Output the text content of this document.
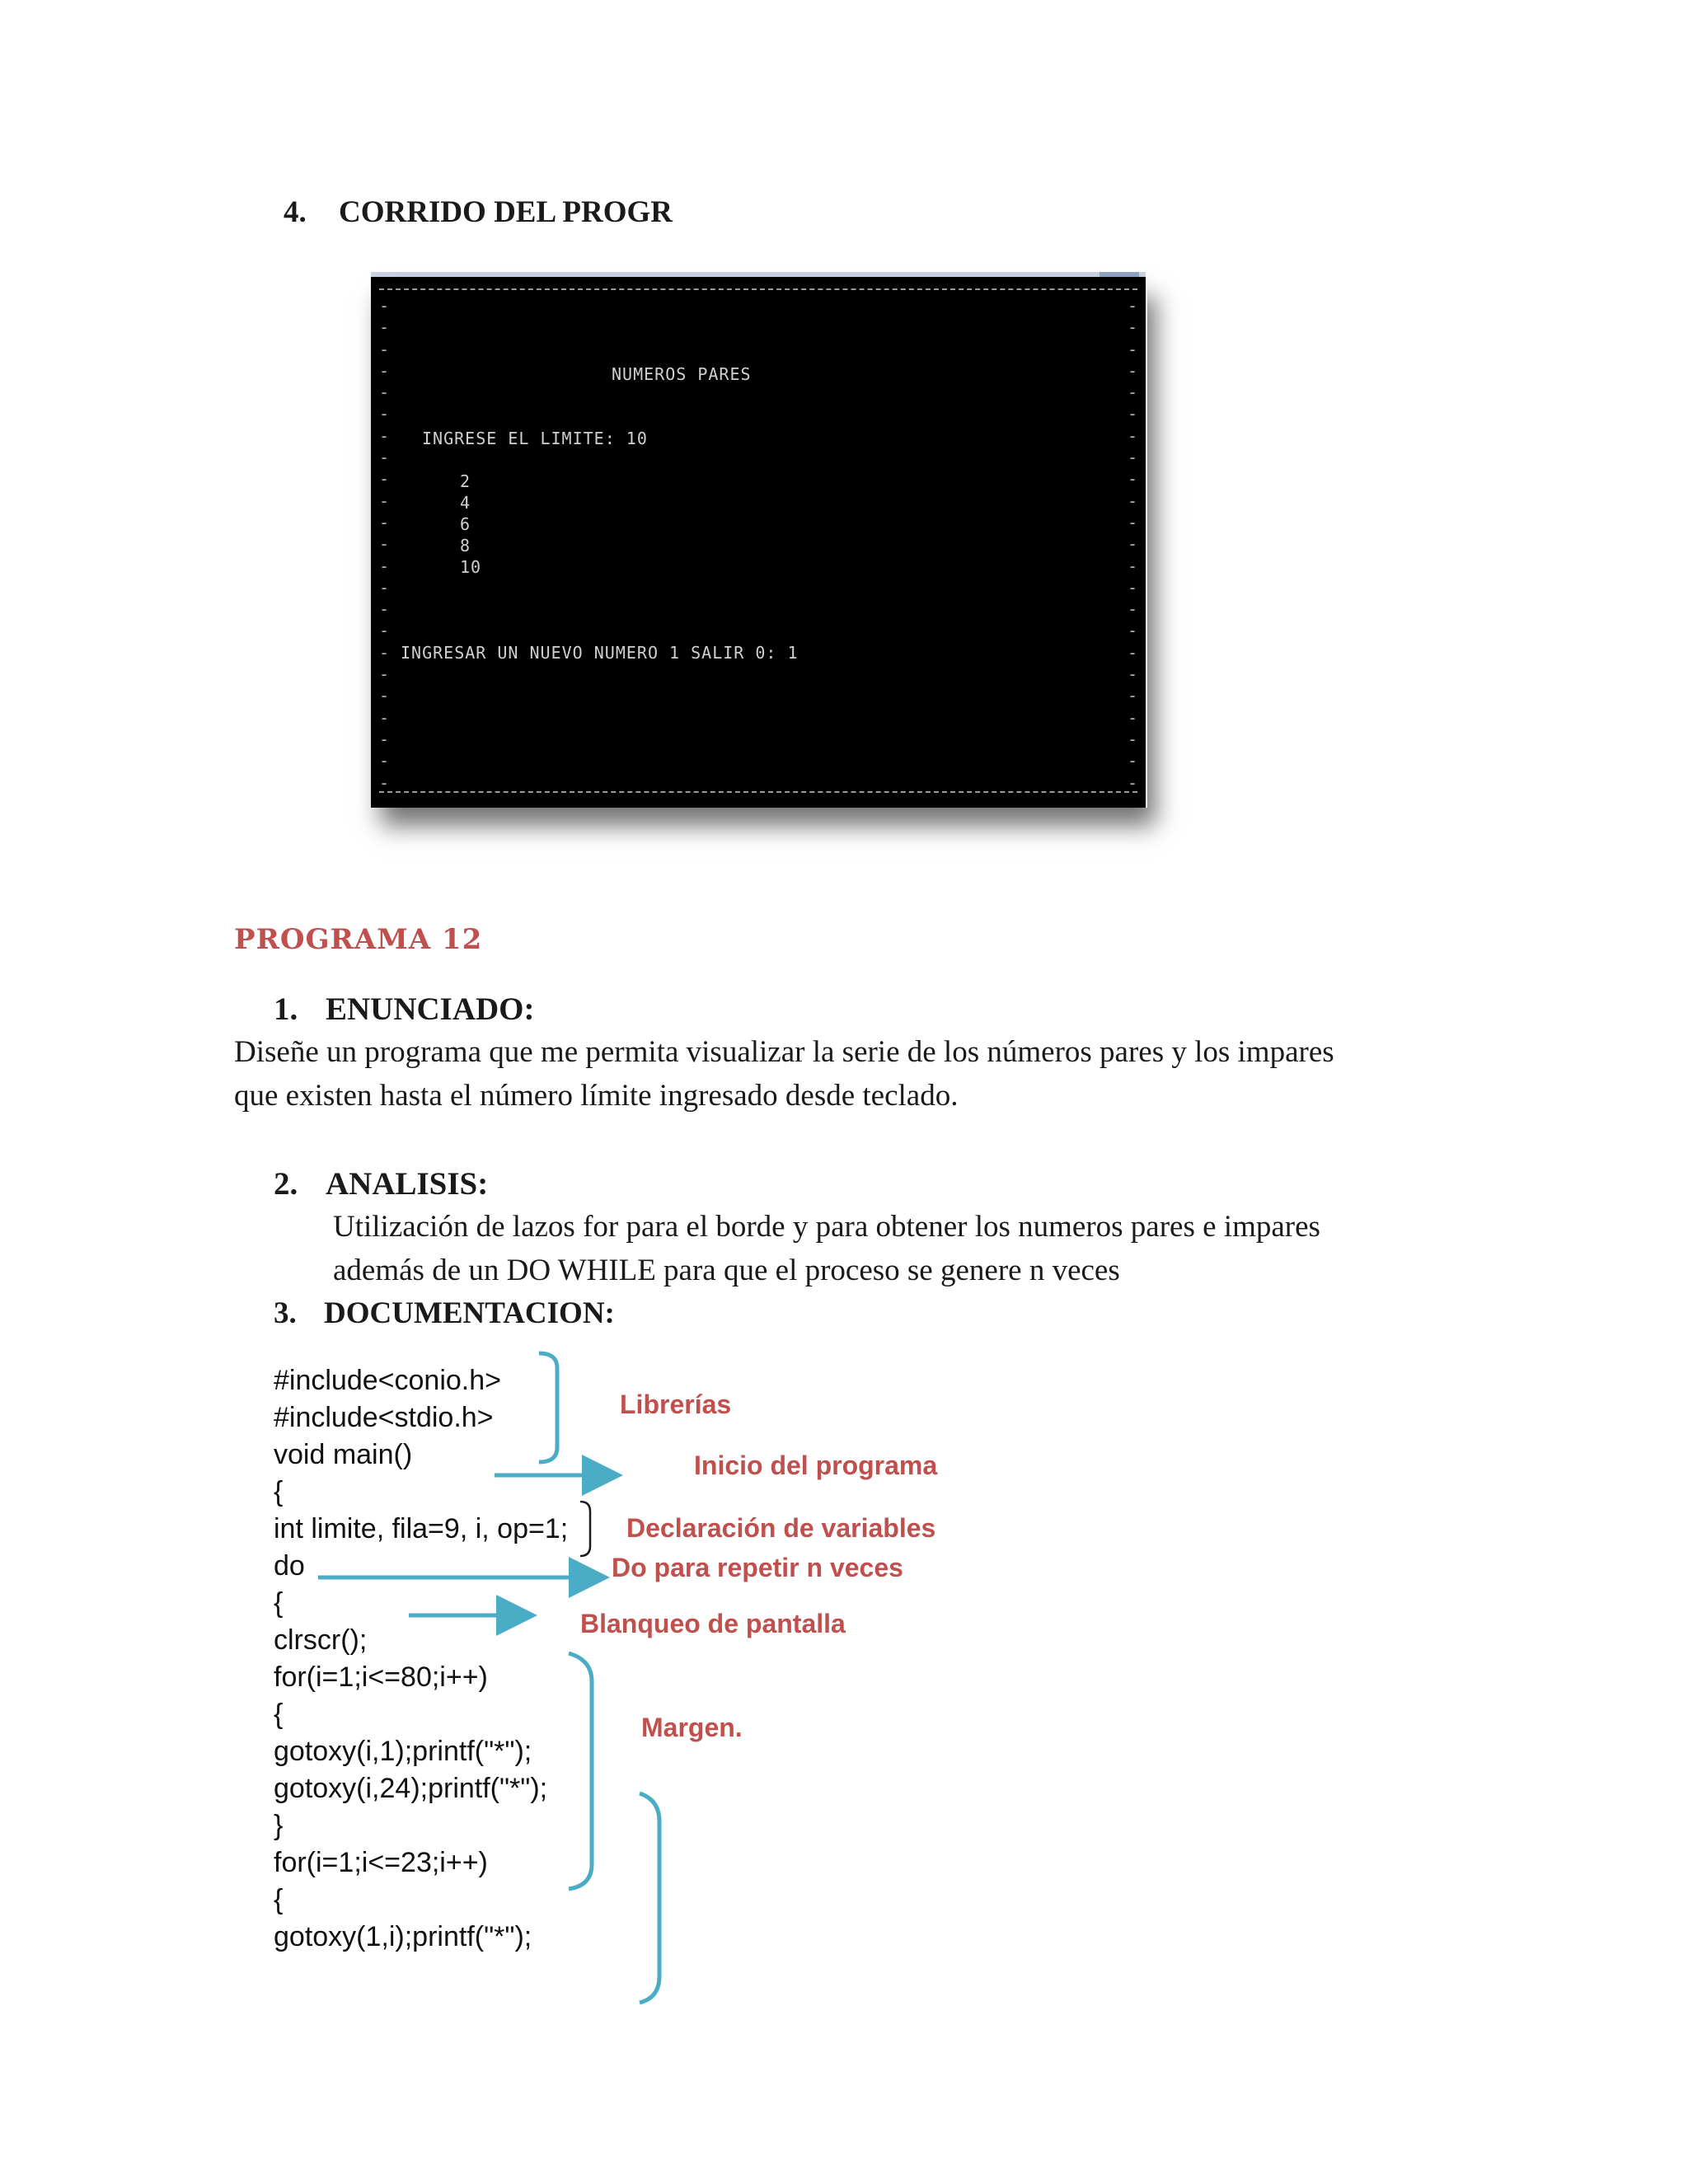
4. CORRIDO DEL PROGR
-
-
-
-
-
-
-
-
-
-
-
-
-
-
-
-
-
-
-
-
-
-
-
-
-
-
-
-
-
-
-
-
-
-
-
-
-
-
-
-
-
-
-
-
-
-
NUMEROS PARES
INGRESE EL LIMITE: 10
2
4
6
8
10
INGRESAR UN NUEVO NUMERO 1 SALIR 0: 1
PROGRAMA 12
1. ENUNCIADO:
Diseñe un programa que me permita visualizar la serie de los números pares y los impares
que existen hasta el número límite ingresado desde teclado.
2. ANALISIS:
Utilización de lazos for para el borde y para obtener los numeros pares e impares
además de un DO WHILE para que el proceso se genere n veces
3. DOCUMENTACION:
#include<conio.h>
#include<stdio.h>
void main()
{
int limite, fila=9, i, op=1;
do
{
clrscr();
for(i=1;i<=80;i++)
{
gotoxy(i,1);printf("*");
gotoxy(i,24);printf("*");
}
for(i=1;i<=23;i++)
{
gotoxy(1,i);printf("*");
Librerías
Inicio del programa
Declaración de variables
Do para repetir n veces
Blanqueo de pantalla
Margen.
